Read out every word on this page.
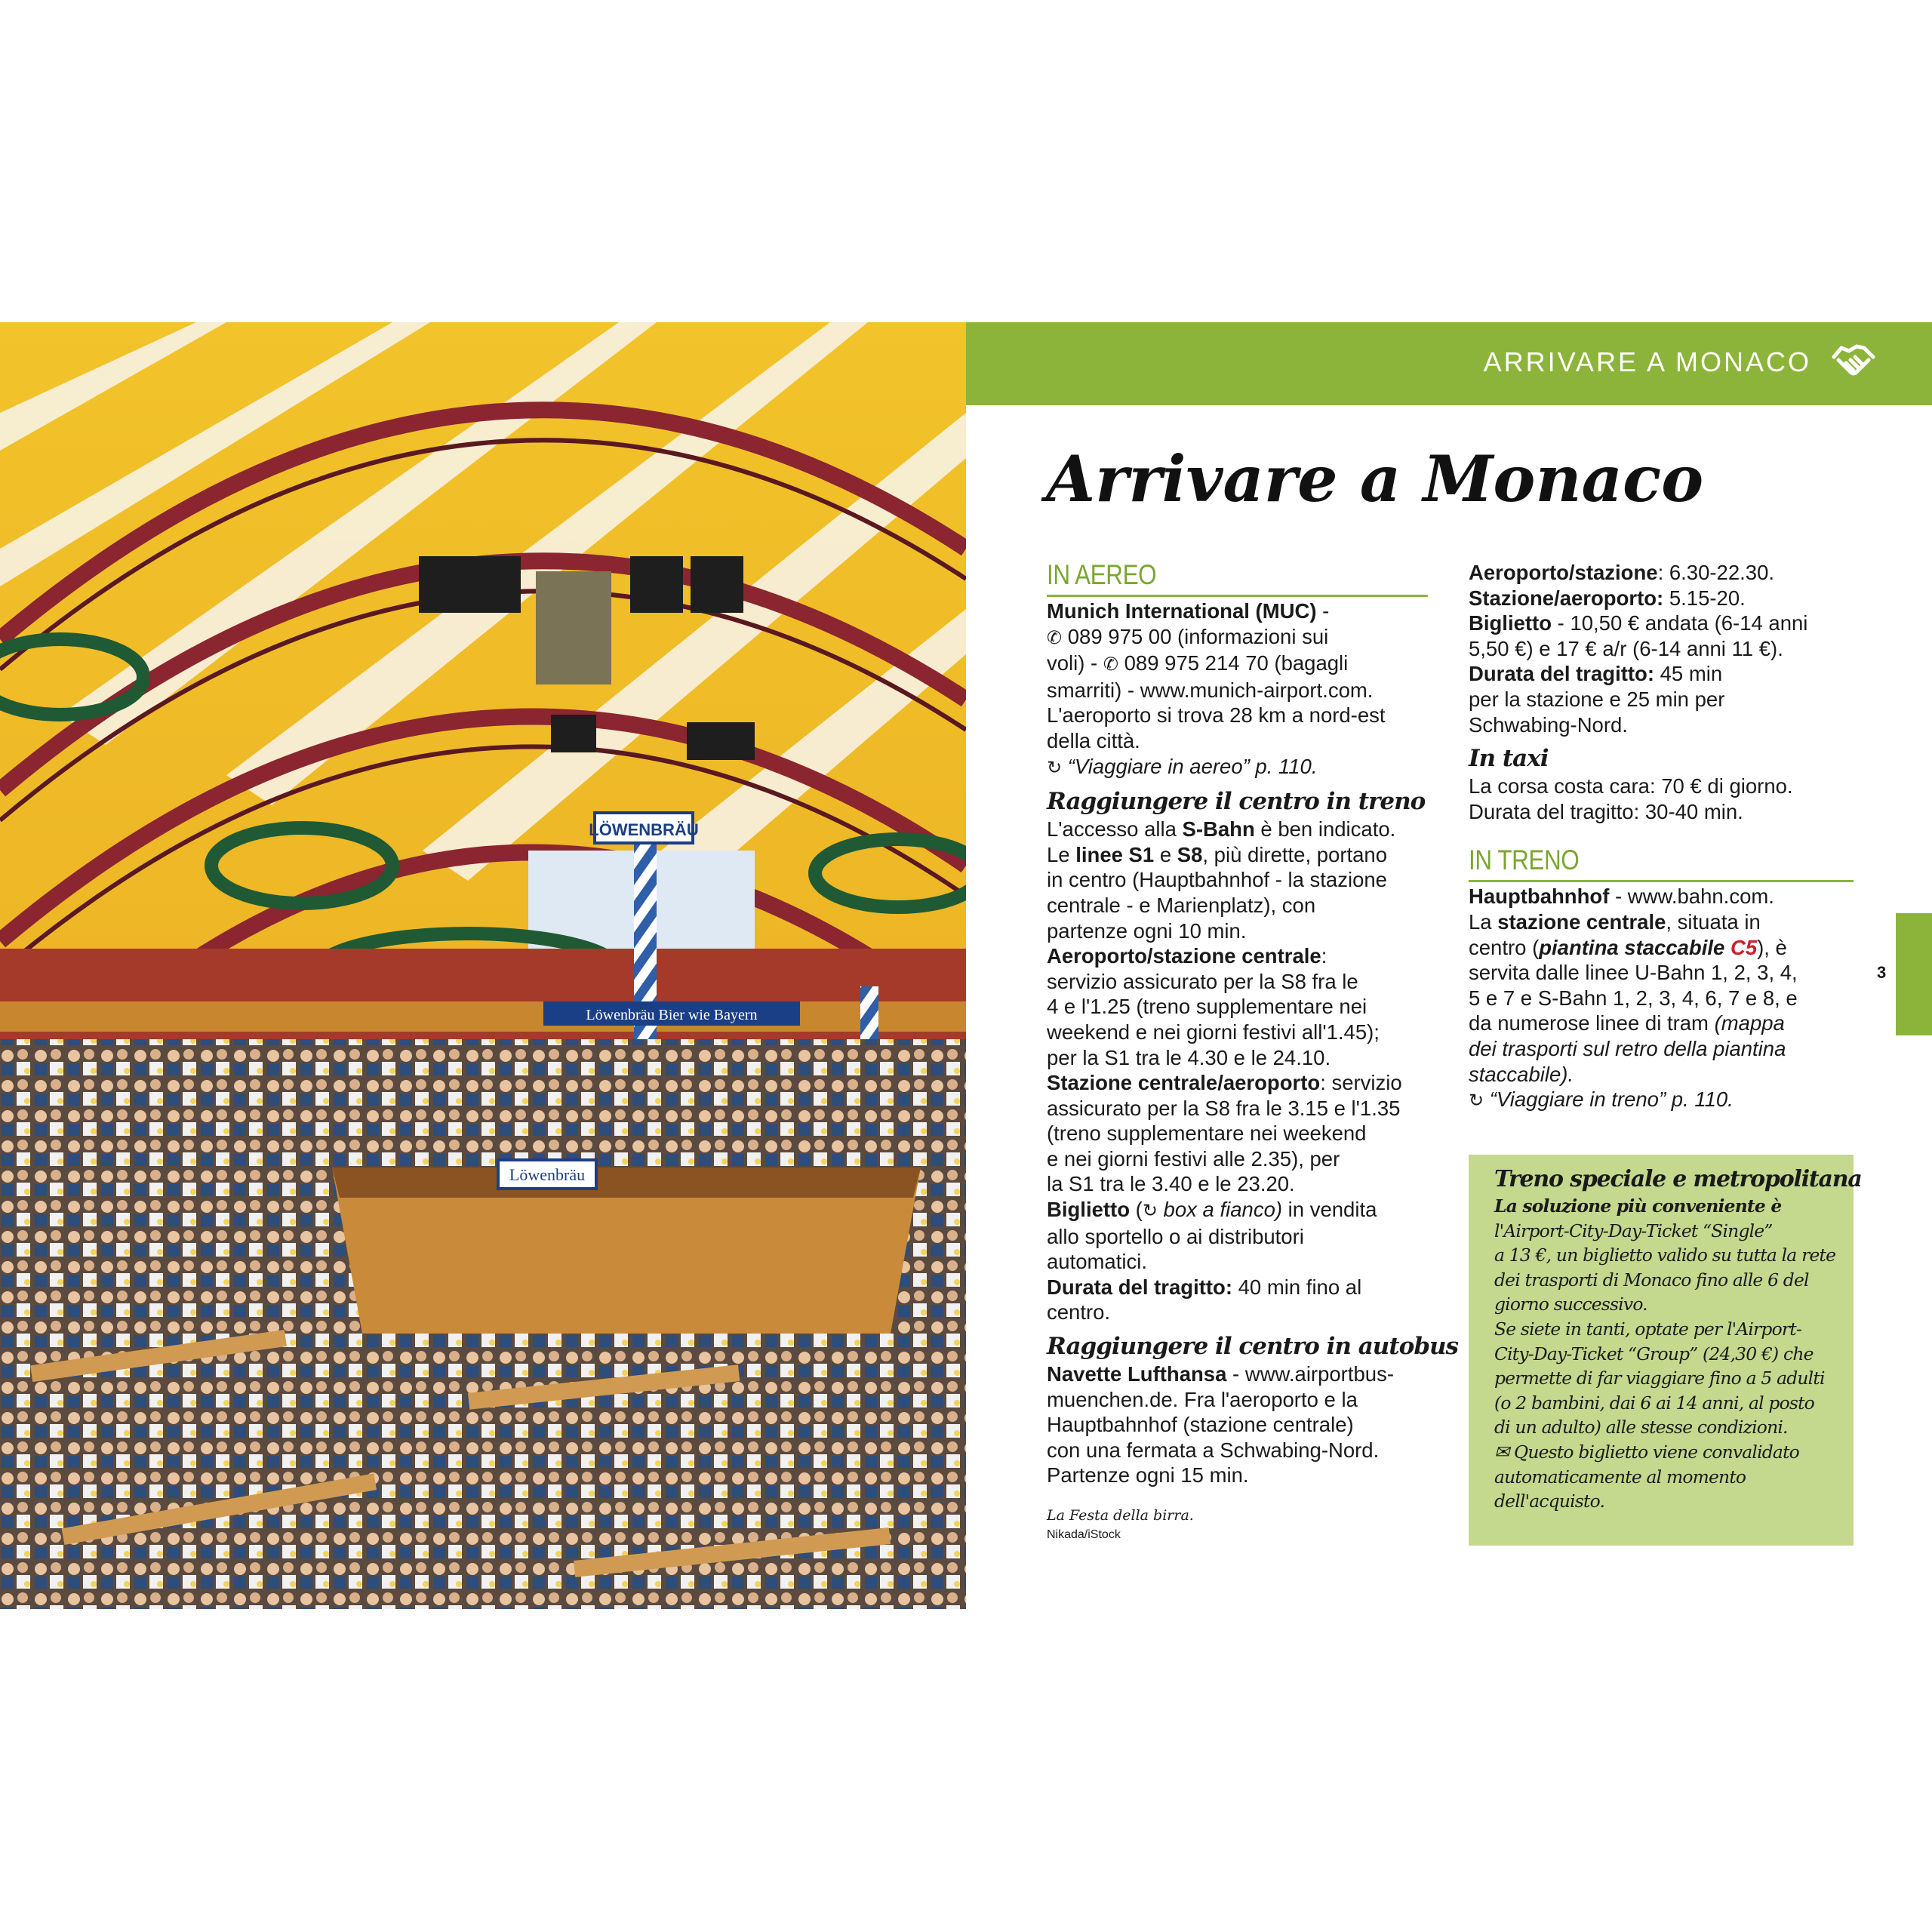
LÖWENBRÄU
Löwenbräu
Löwenbräu Bier wie Bayern
ARRIVARE A MONACO
Arrivare a Monaco
IN AEREO
Munich International (MUC) -
✆ 089 975 00 (informazioni sui
voli) - ✆ 089 975 214 70 (bagagli
smarriti) - www.munich-airport.com.
L'aeroporto si trova 28 km a nord-est
della città.
↻ “Viaggiare in aereo” p. 110.
Raggiungere il centro in treno
L'accesso alla S-Bahn è ben indicato.
Le linee S1 e S8, più dirette, portano
in centro (Hauptbahnhof - la stazione
centrale - e Marienplatz), con
partenze ogni 10 min.
Aeroporto/stazione centrale:
servizio assicurato per la S8 fra le
4 e l'1.25 (treno supplementare nei
weekend e nei giorni festivi all'1.45);
per la S1 tra le 4.30 e le 24.10.
Stazione centrale/aeroporto: servizio
assicurato per la S8 fra le 3.15 e l'1.35
(treno supplementare nei weekend
e nei giorni festivi alle 2.35), per
la S1 tra le 3.40 e le 23.20.
Biglietto (↻ box a fianco) in vendita
allo sportello o ai distributori
automatici.
Durata del tragitto: 40 min fino al
centro.
Raggiungere il centro in autobus
Navette Lufthansa - www.airportbus-
muenchen.de. Fra l'aeroporto e la
Hauptbahnhof (stazione centrale)
con una fermata a Schwabing-Nord.
Partenze ogni 15 min.
La Festa della birra.
Nikada/iStock
Aeroporto/stazione: 6.30-22.30.
Stazione/aeroporto: 5.15-20.
Biglietto - 10,50 € andata (6-14 anni
5,50 €) e 17 € a/r (6-14 anni 11 €).
Durata del tragitto: 45 min
per la stazione e 25 min per
Schwabing-Nord.
In taxi
La corsa costa cara: 70 € di giorno.
Durata del tragitto: 30-40 min.
IN TRENO
Hauptbahnhof - www.bahn.com.
La stazione centrale, situata in
centro (piantina staccabile C5), è
servita dalle linee U-Bahn 1, 2, 3, 4,
5 e 7 e S-Bahn 1, 2, 3, 4, 6, 7 e 8, e
da numerose linee di tram (mappa
dei trasporti sul retro della piantina
staccabile).
↻ “Viaggiare in treno” p. 110.
Treno speciale e metropolitana
La soluzione più conveniente è
l'Airport-City-Day-Ticket “Single”
a 13 €, un biglietto valido su tutta la rete
dei trasporti di Monaco fino alle 6 del
giorno successivo.
Se siete in tanti, optate per l'Airport-
City-Day-Ticket “Group” (24,30 €) che
permette di far viaggiare fino a 5 adulti
(o 2 bambini, dai 6 ai 14 anni, al posto
di un adulto) alle stesse condizioni.
✉ Questo biglietto viene convalidato
automaticamente al momento
dell'acquisto.
3
